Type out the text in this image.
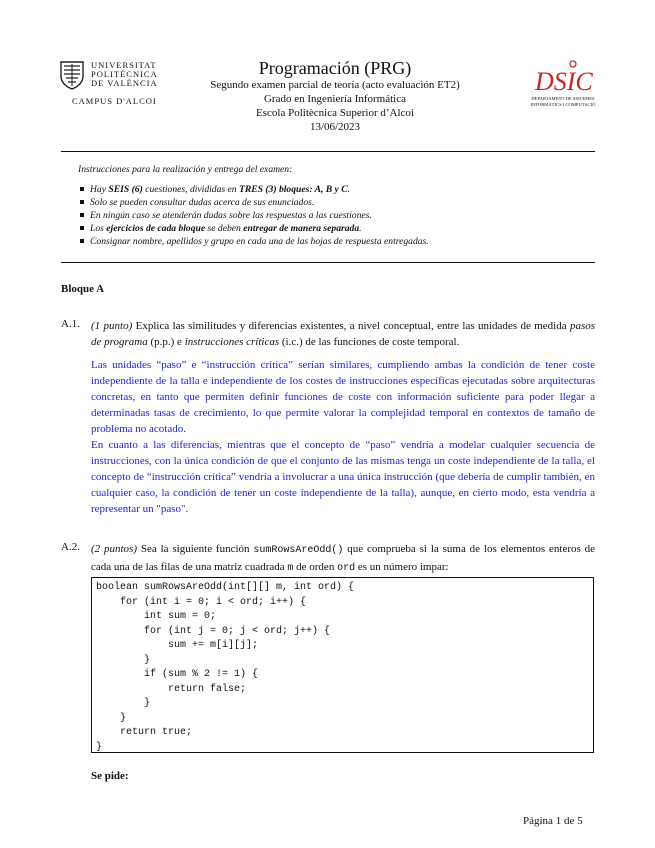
UNIVERSITAT
POLITÈCNICA
DE VALÈNCIA
CAMPUS D'ALCOI
Programación (PRG)
Segundo examen parcial de teoría (acto evaluación ET2)
Grado en Ingeniería Informática
Escola Politècnica Superior d’Alcoi
13/06/2023
DSIC
DEPARTAMENT DE SISTEMES
INFORMÀTICS I COMPUTACIÓ
Instrucciones para la realización y entrega del examen:
Hay SEIS (6) cuestiones, divididas en TRES (3) bloques: A, B y C.
Solo se pueden consultar dudas acerca de sus enunciados.
En ningún caso se atenderán dudas sobre las respuestas a las cuestiones.
Los ejercicios de cada bloque se deben entregar de manera separada.
Consignar nombre, apellidos y grupo en cada una de las hojas de respuesta entregadas.
Bloque A
A.1. (1 punto) Explica las similitudes y diferencias existentes, a nivel conceptual, entre las unidades de medida pasos de programa (p.p.) e instrucciones críticas (i.c.) de las funciones de coste temporal.

Las unidades “paso” e “instrucción crítica” serían similares, cumpliendo ambas la condición de tener coste independiente de la talla e independiente de los costes de instrucciones específicas ejecutadas sobre arquitecturas concretas, en tanto que permiten definir funciones de coste con información suficiente para poder llegar a determinadas tasas de crecimiento, lo que permite valorar la complejidad temporal en contextos de tamaño de problema no acotado.

En cuanto a las diferencias, mientras que el concepto de “paso” vendría a modelar cualquier secuencia de instrucciones, con la única condición de que el conjunto de las mismas tenga un coste independiente de la talla, el concepto de “instrucción crítica” vendría a involucrar a una única instrucción (que debería de cumplir también, en cualquier caso, la condición de tener un coste independiente de la talla), aunque, en cierto modo, esta vendría a representar un "paso".

A.2. (2 puntos) Sea la siguiente función sumRowsAreOdd() que comprueba si la suma de los elementos enteros de cada una de las filas de una matriz cuadrada m de orden ord es un número impar:
boolean sumRowsAreOdd(int[][] m, int ord) {
for (int i = 0; i < ord; i++) {
int sum = 0;
for (int j = 0; j < ord; j++) {
sum += m[i][j];
}
if (sum % 2 != 1) {
return false;
}
}
return true;
}
Se pide:
Página 1 de 5
